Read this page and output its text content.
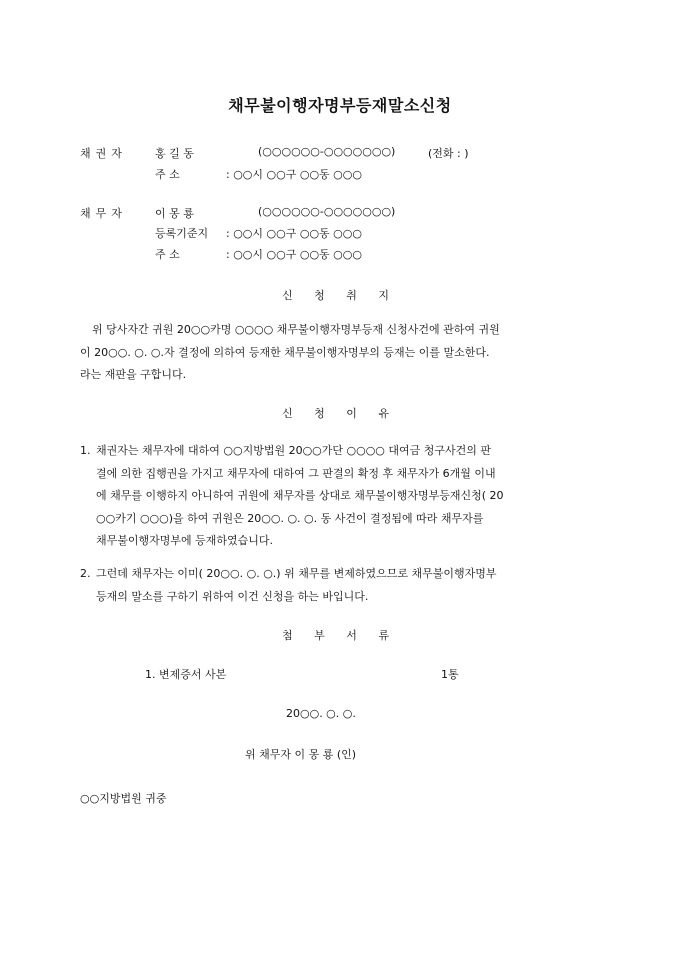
채무불이행자명부등재말소신청
채권자	홍 길 동	(○○○○○○-○○○○○○○)	(전화 : )
주 소	: ○○시 ○○구 ○○동 ○○○
채무자	이 몽 룡	(○○○○○○-○○○○○○○)
등록기준지 : ○○시 ○○구 ○○동 ○○○
주 소	: ○○시 ○○구 ○○동 ○○○
신 청 취 지
위 당사자간 귀원 20○○카명 ○○○○ 채무불이행자명부등재 신청사건에 관하여 귀원
이 20○○. ○. ○.자 결정에 의하여 등재한 채무불이행자명부의 등재는 이를 말소한다.
라는 재판을 구합니다.
신 청 이 유
1. 채권자는 채무자에 대하여 ○○지방법원 20○○가단 ○○○○ 대여금 청구사건의 판
결에 의한 집행권을 가지고 채무자에 대하여 그 판결의 확정 후 채무자가 6개월 이내
에 채무를 이행하지 아니하여 귀원에 채무자를 상대로 채무불이행자명부등재신청( 20
○○카기 ○○○)을 하여 귀원은 20○○. ○. ○. 동 사건이 결정됨에 따라 채무자를
채무불이행자명부에 등재하였습니다.
2. 그런데 채무자는 이미( 20○○. ○. ○.) 위 채무를 변제하였으므로 채무불이행자명부
등재의 말소를 구하기 위하여 이건 신청을 하는 바입니다.
첨 부 서 류
1. 변제증서 사본	1통
20○○. ○. ○.
위 채무자 이 몽 룡 (인)
○○지방법원 귀중
